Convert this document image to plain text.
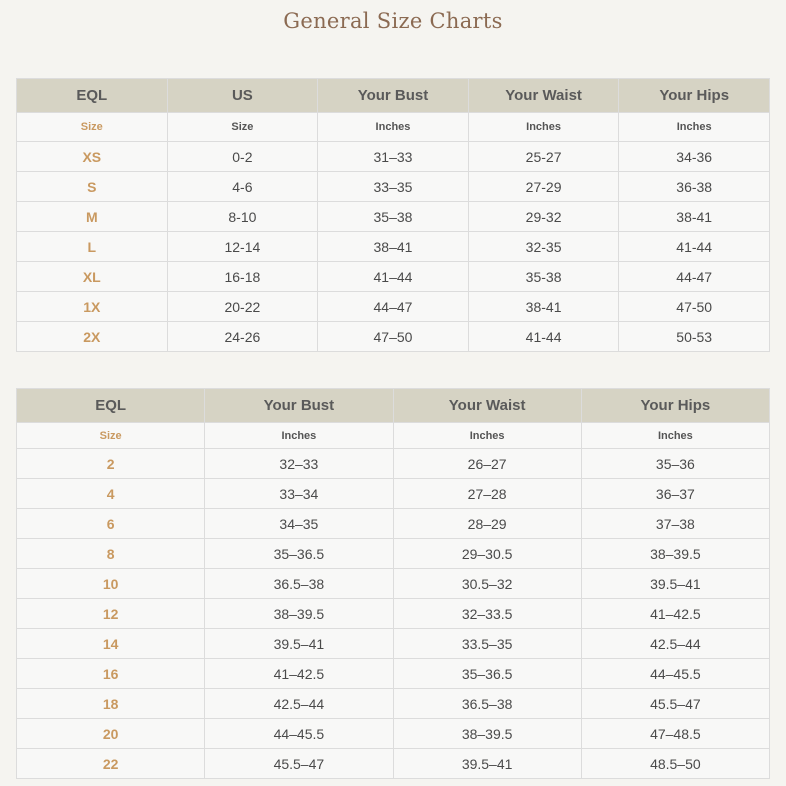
General Size Charts
EQL	US	Your Bust	Your Waist	Your Hips
Size	Size	Inches	Inches	Inches
XS	0-2	31–33	25-27	34-36
S	4-6	33–35	27-29	36-38
M	8-10	35–38	29-32	38-41
L	12-14	38–41	32-35	41-44
XL	16-18	41–44	35-38	44-47
1X	20-22	44–47	38-41	47-50
2X	24-26	47–50	41-44	50-53
EQL	Your Bust	Your Waist	Your Hips
Size	Inches	Inches	Inches
2	32–33	26–27	35–36
4	33–34	27–28	36–37
6	34–35	28–29	37–38
8	35–36.5	29–30.5	38–39.5
10	36.5–38	30.5–32	39.5–41
12	38–39.5	32–33.5	41–42.5
14	39.5–41	33.5–35	42.5–44
16	41–42.5	35–36.5	44–45.5
18	42.5–44	36.5–38	45.5–47
20	44–45.5	38–39.5	47–48.5
22	45.5–47	39.5–41	48.5–50
